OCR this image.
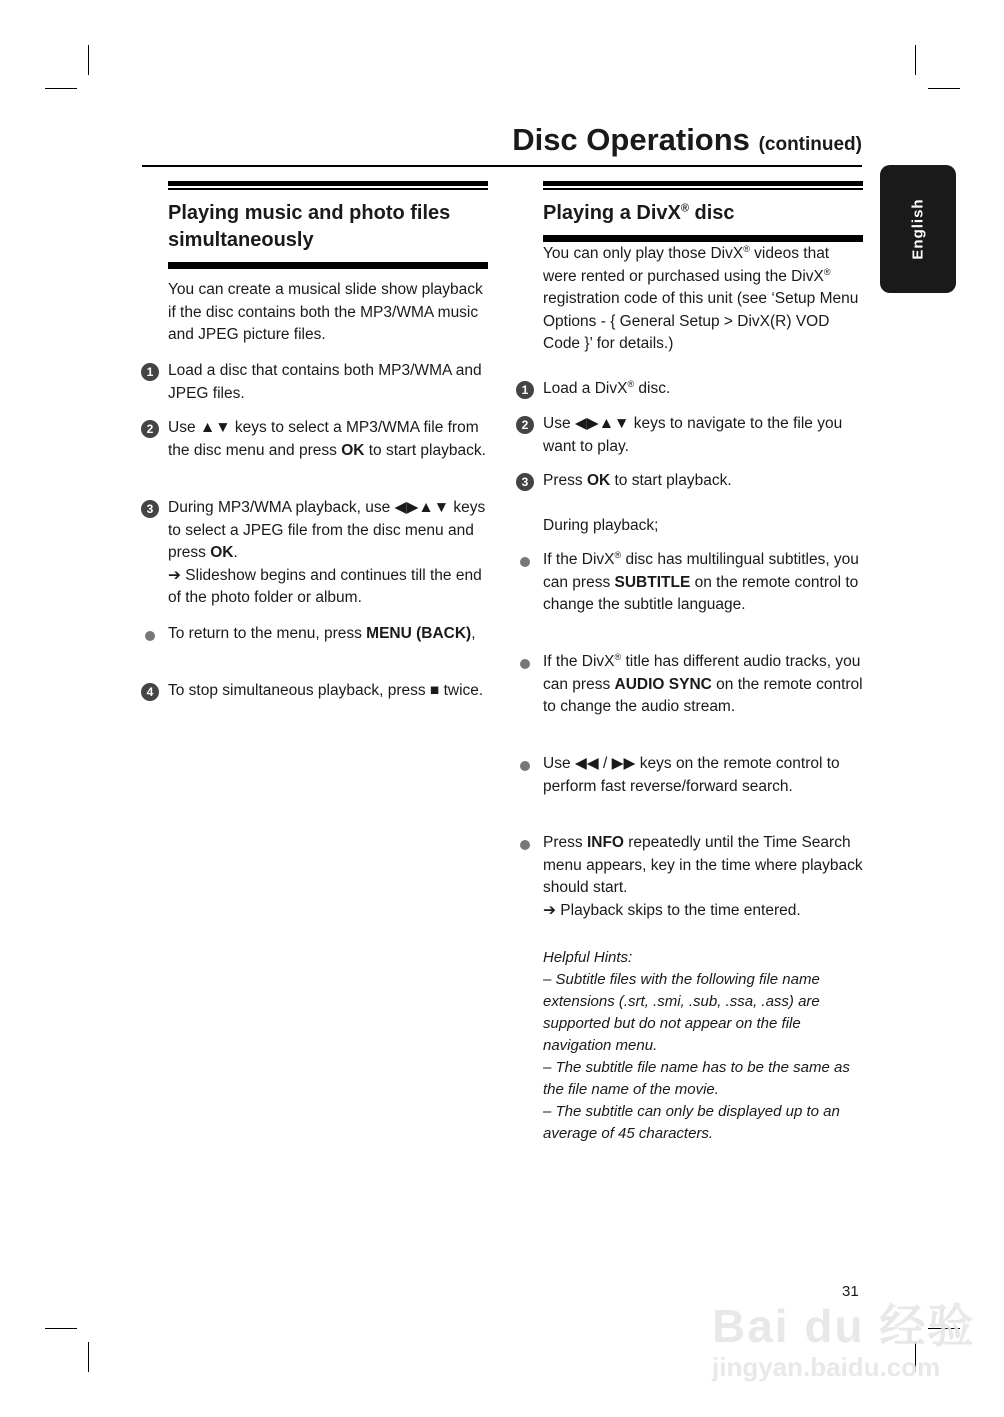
Disc Operations (continued)
English
Playing music and photo files simultaneously
You can create a musical slide show playback if the disc contains both the MP3/WMA music and JPEG picture files.
1 Load a disc that contains both MP3/WMA and JPEG files.
2 Use ▲▼ keys to select a MP3/WMA file from the disc menu and press OK to start playback.
3 During MP3/WMA playback, use ◀▶▲▼ keys to select a JPEG file from the disc menu and press OK.
➔ Slideshow begins and continues till the end of the photo folder or album.
To return to the menu, press MENU (BACK),
4 To stop simultaneous playback, press ■ twice.
Playing a DivX® disc
You can only play those DivX® videos that were rented or purchased using the DivX® registration code of this unit (see ‘Setup Menu Options - { General Setup > DivX(R) VOD Code }’ for details.)
1 Load a DivX® disc.
2 Use ◀▶▲▼ keys to navigate to the file you want to play.
3 Press OK to start playback.
During playback;
If the DivX® disc has multilingual subtitles, you can press SUBTITLE on the remote control to change the subtitle language.
If the DivX® title has different audio tracks, you can press AUDIO SYNC on the remote control to change the audio stream.
Use ◀◀ / ▶▶ keys on the remote control to perform fast reverse/forward search.
Press INFO repeatedly until the Time Search menu appears, key in the time where playback should start.
➔ Playback skips to the time entered.
Helpful Hints:
– Subtitle files with the following file name extensions (.srt, .smi, .sub, .ssa, .ass) are supported but do not appear on the file navigation menu.
– The subtitle file name has to be the same as the file name of the movie.
– The subtitle can only be displayed up to an average of 45 characters.
Bai du 经验
jingyan.baidu.com
31
